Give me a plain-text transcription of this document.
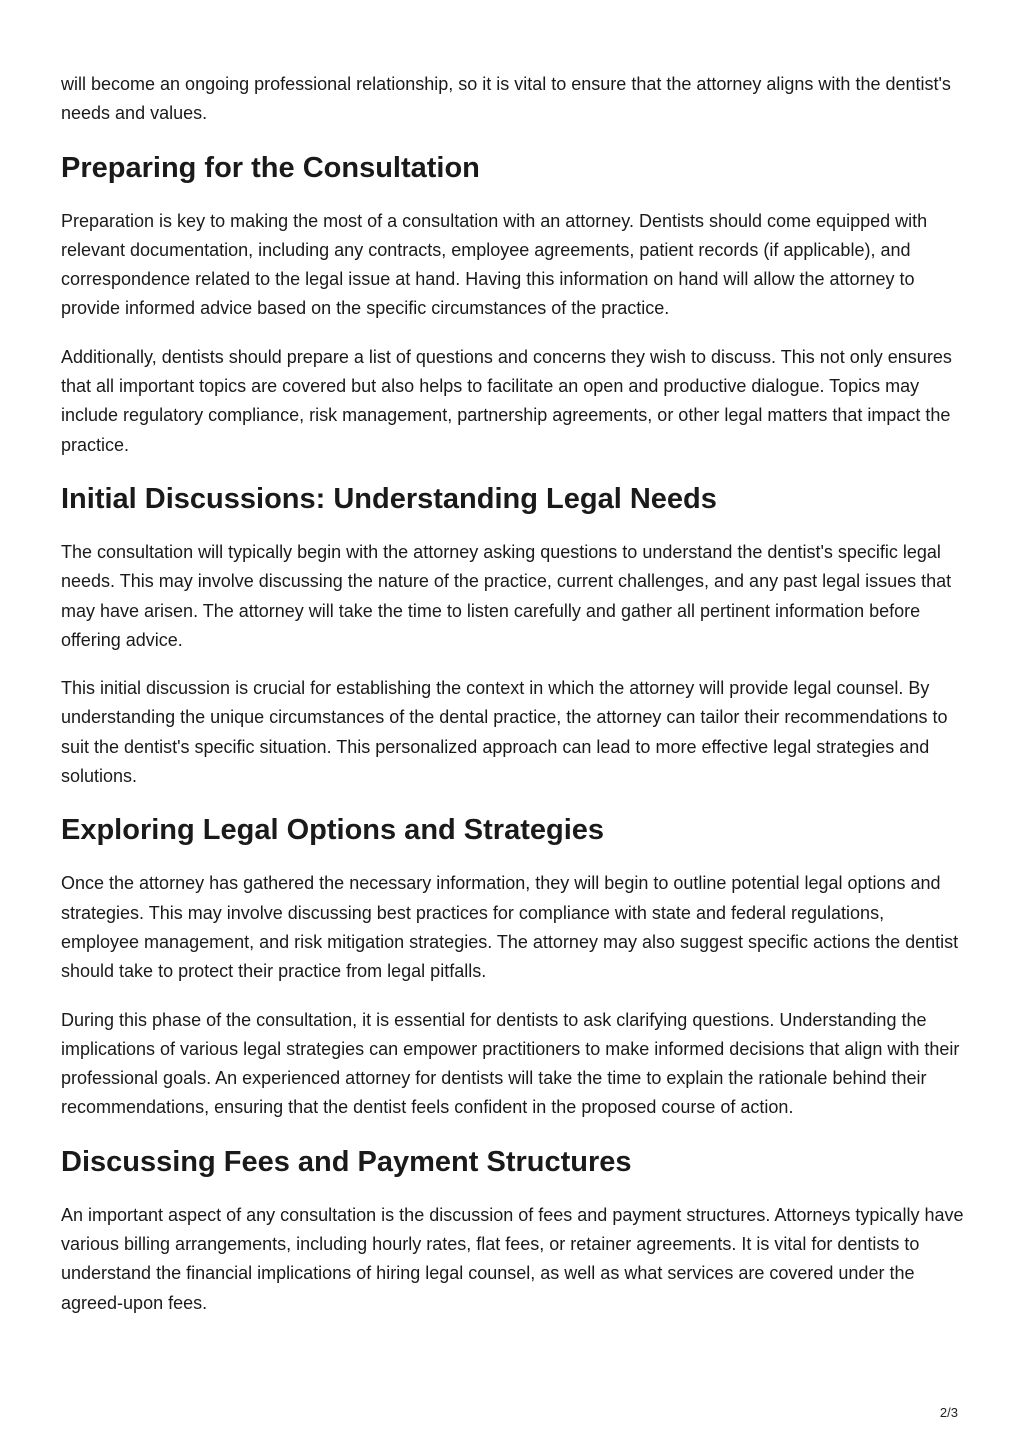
will become an ongoing professional relationship, so it is vital to ensure that the attorney aligns with the dentist's needs and values.

Preparing for the Consultation

Preparation is key to making the most of a consultation with an attorney. Dentists should come equipped with relevant documentation, including any contracts, employee agreements, patient records (if applicable), and correspondence related to the legal issue at hand. Having this information on hand will allow the attorney to provide informed advice based on the specific circumstances of the practice.

Additionally, dentists should prepare a list of questions and concerns they wish to discuss. This not only ensures that all important topics are covered but also helps to facilitate an open and productive dialogue. Topics may include regulatory compliance, risk management, partnership agreements, or other legal matters that impact the practice.

Initial Discussions: Understanding Legal Needs

The consultation will typically begin with the attorney asking questions to understand the dentist's specific legal needs. This may involve discussing the nature of the practice, current challenges, and any past legal issues that may have arisen. The attorney will take the time to listen carefully and gather all pertinent information before offering advice.

This initial discussion is crucial for establishing the context in which the attorney will provide legal counsel. By understanding the unique circumstances of the dental practice, the attorney can tailor their recommendations to suit the dentist's specific situation. This personalized approach can lead to more effective legal strategies and solutions.

Exploring Legal Options and Strategies

Once the attorney has gathered the necessary information, they will begin to outline potential legal options and strategies. This may involve discussing best practices for compliance with state and federal regulations, employee management, and risk mitigation strategies. The attorney may also suggest specific actions the dentist should take to protect their practice from legal pitfalls.

During this phase of the consultation, it is essential for dentists to ask clarifying questions. Understanding the implications of various legal strategies can empower practitioners to make informed decisions that align with their professional goals. An experienced attorney for dentists will take the time to explain the rationale behind their recommendations, ensuring that the dentist feels confident in the proposed course of action.

Discussing Fees and Payment Structures

An important aspect of any consultation is the discussion of fees and payment structures. Attorneys typically have various billing arrangements, including hourly rates, flat fees, or retainer agreements. It is vital for dentists to understand the financial implications of hiring legal counsel, as well as what services are covered under the agreed-upon fees.

2/3
